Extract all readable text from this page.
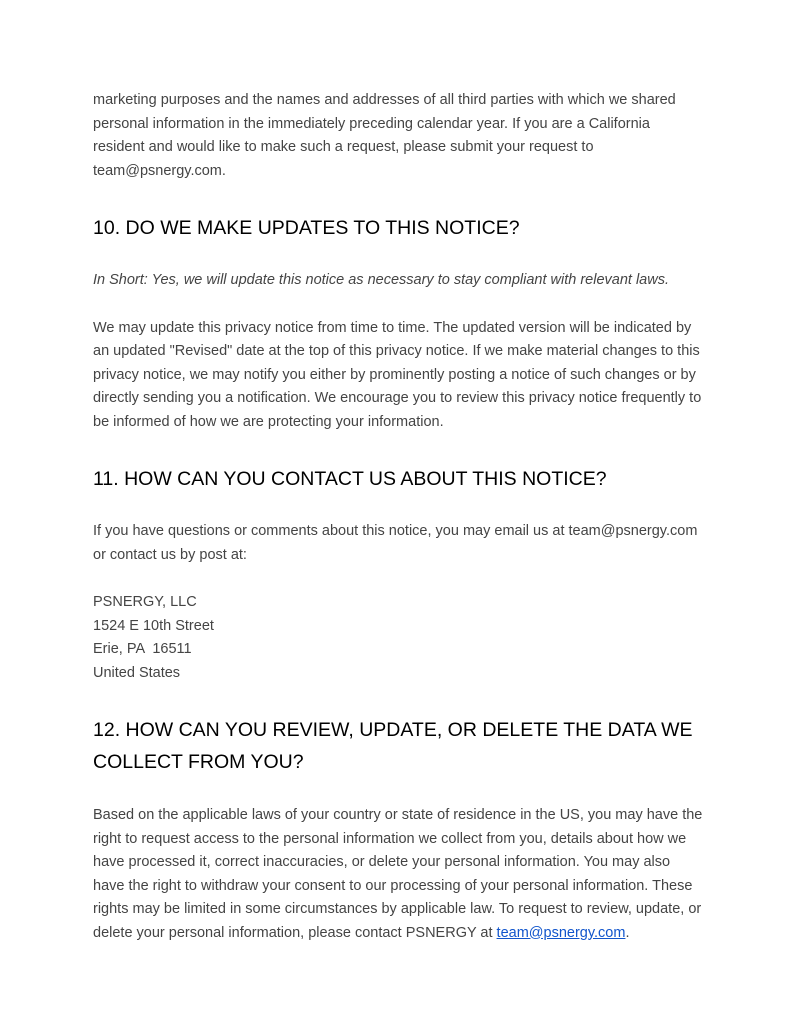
marketing purposes and the names and addresses of all third parties with which we shared personal information in the immediately preceding calendar year. If you are a California resident and would like to make such a request, please submit your request to team@psnergy.com.

10. DO WE MAKE UPDATES TO THIS NOTICE?

In Short: Yes, we will update this notice as necessary to stay compliant with relevant laws.

We may update this privacy notice from time to time. The updated version will be indicated by an updated "Revised" date at the top of this privacy notice. If we make material changes to this privacy notice, we may notify you either by prominently posting a notice of such changes or by directly sending you a notification. We encourage you to review this privacy notice frequently to be informed of how we are protecting your information.

11. HOW CAN YOU CONTACT US ABOUT THIS NOTICE?

If you have questions or comments about this notice, you may email us at team@psnergy.com or contact us by post at:

PSNERGY, LLC

1524 E 10th Street

Erie, PA  16511

United States

12. HOW CAN YOU REVIEW, UPDATE, OR DELETE THE DATA WE COLLECT FROM YOU?

Based on the applicable laws of your country or state of residence in the US, you may have the right to request access to the personal information we collect from you, details about how we have processed it, correct inaccuracies, or delete your personal information. You may also have the right to withdraw your consent to our processing of your personal information. These rights may be limited in some circumstances by applicable law. To request to review, update, or delete your personal information, please contact PSNERGY at team@psnergy.com.
